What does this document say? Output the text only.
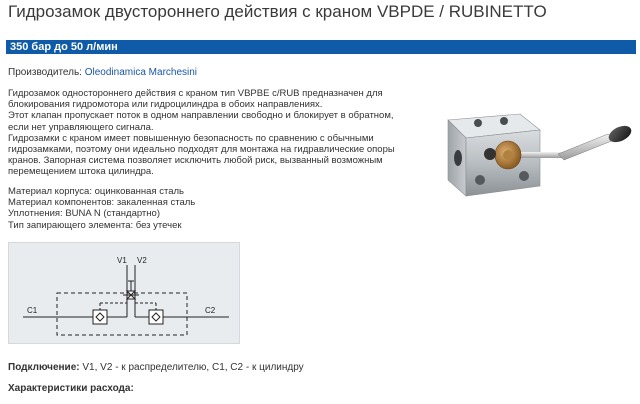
Гидрозамок двустороннего действия с краном VBPDE / RUBINETTO
350 бар до 50 л/мин
Производитель: Oleodinamica Marchesini

Гидрозамок одностороннего действия с краном тип VBPBE c/RUB предназначен для блокирования гидромотора или гидроцилиндра в обоих направлениях.

Этот клапан пропускает поток в одном направлении свободно и блокирует в обратном, если нет управляющего сигнала.

Гидрозамки с краном имеет повышенную безопасность по сравнению с обычными гидрозамками, поэтому они идеально подходят для монтажа на гидравлические опоры кранов. Запорная система позволяет исключить любой риск, вызванный возможным перемещением штока цилиндра.

Материал корпуса: оцинкованная сталь
Материал компонентов: закаленная сталь
Уплотнения: BUNA N (стандартно)
Тип запирающего элемента: без утечек
V1 V2
C1	C2
Подключение: V1, V2 - к распределителю, C1, C2 - к цилиндру
Характеристики расхода:
